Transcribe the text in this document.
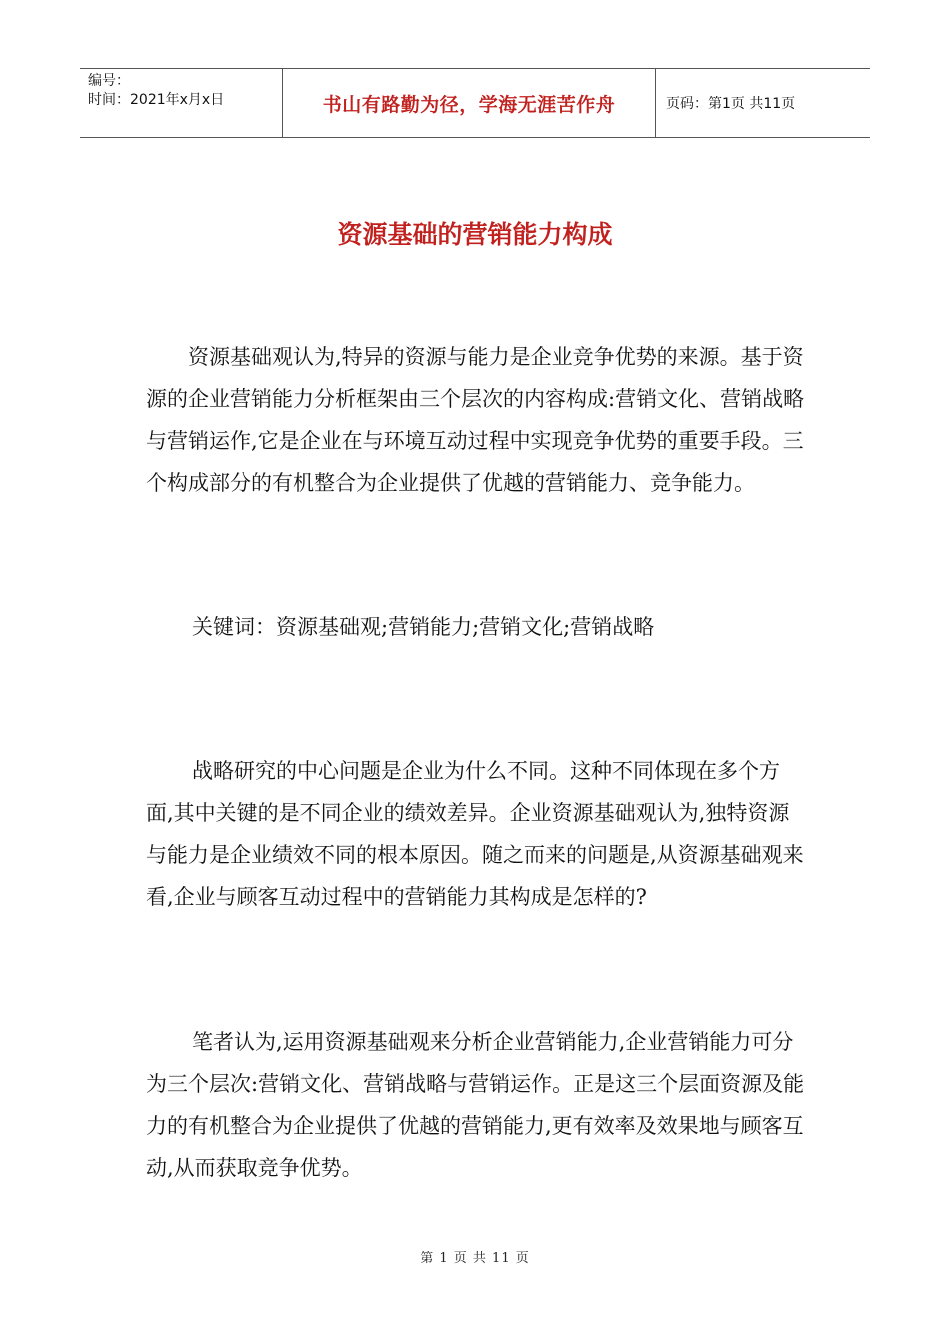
编号：
时间：2021年x月x日	书山有路勤为径，学海无涯苦作舟	页码：第1页 共11页
资源基础的营销能力构成

资源基础观认为,特异的资源与能力是企业竞争优势的来源。基于资源的企业营销能力分析框架由三个层次的内容构成:营销文化、营销战略与营销运作,它是企业在与环境互动过程中实现竞争优势的重要手段。三个构成部分的有机整合为企业提供了优越的营销能力、竞争能力。

关键词：资源基础观;营销能力;营销文化;营销战略

战略研究的中心问题是企业为什么不同。这种不同体现在多个方面,其中关键的是不同企业的绩效差异。企业资源基础观认为,独特资源与能力是企业绩效不同的根本原因。随之而来的问题是,从资源基础观来看,企业与顾客互动过程中的营销能力其构成是怎样的?

笔者认为,运用资源基础观来分析企业营销能力,企业营销能力可分为三个层次:营销文化、营销战略与营销运作。正是这三个层面资源及能力的有机整合为企业提供了优越的营销能力,更有效率及效果地与顾客互动,从而获取竞争优势。

第 1 页 共 11 页
